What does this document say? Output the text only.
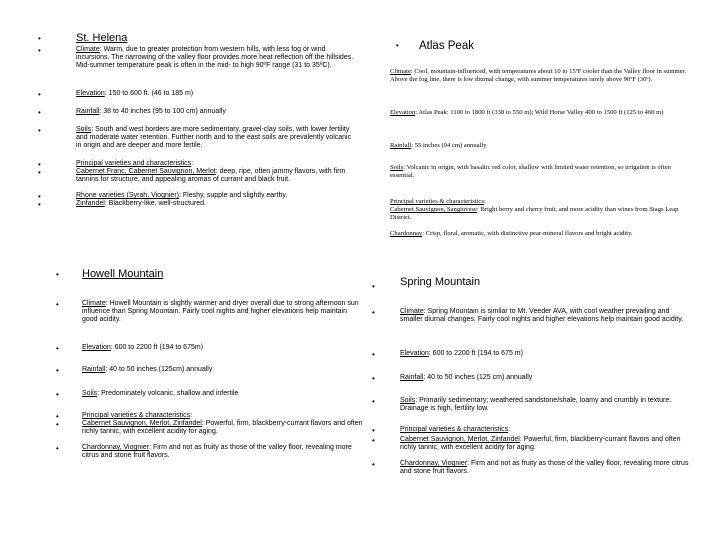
•	St. Helena
•	Climate: Warm, due to greater protection from western hills, with less fog or wind incursions. The narrowing of the valley floor provides more heat reflection off the hillsides. Mid-summer temperature peak is often in the mid- to high 90ºF range (31 to 35ºC).
•	Elevation: 150 to 600 ft. (46 to 185 m)
•	Rainfall: 38 to 40 inches (95 to 100 cm) annually
•	Soils: South and west borders are more sedimentary, gravel-clay soils, with lower fertility and moderate water retention. Further north and to the east soils are prevalently volcanic in origin and are deeper and more fertile.
•	Principal varieties and characteristics:
•	Cabernet Franc, Cabernet Sauvignon, Merlot: deep, ripe, often jammy flavors, with firm tannins for structure, and appealing aromas of currant and black fruit.
•	Rhone varieties (Syrah, Viognier): Fleshy, supple and slightly earthy.
•	Zinfandel: Blackberry-like, well-structured.
• Atlas Peak
Climate: Cool, mountain-influenced, with temperatures about 10 to 15ºF cooler than the Valley floor in summer. Above the fog line, there is low diurnal change, with summer temperatures rarely above 90ºF (30º).
Elevation: Atlas Peak: 1100 to 1800 ft (338 to 550 m); Wild Horse Valley 400 to 1500 ft (125 to 460 m)
Rainfall: 55 inches (94 cm) annually
Soils: Volcanic in origin, with basaltic red color, shallow with limited water retention, so irrigation is often essential.
Principal varieties & characteristics:
Cabernet Sauvignon, Sangiovese: Bright berry and cherry fruit, and more acidity than wines from Stags Leap District.
Chardonnay: Crisp, floral, aromatic, with distinctive pear-mineral flavors and bright acidity.
• Howell Mountain
•	Climate: Howell Mountain is slightly warmer and dryer overall due to strong afternoon sun influence than Spring Mountain. Fairly cool nights and higher elevations help maintain good acidity.
•	Elevation: 600 to 2200 ft (194 to 675m)
•	Rainfall: 40 to 50 inches (125cm) annually
•	Soils: Predominately volcanic, shallow and infertile
•	Principal varieties & characteristics:
•	Cabernet Sauvignon, Merlot, Zinfandel: Powerful, firm, blackberry-currant flavors and often richly tannic, with excellent acidity for aging.
•	Chardonnay, Viognier: Firm and not as fruity as those of the valley floor, revealing more citrus and stone fruit flavors.
• Spring Mountain
•	Climate: Spring Mountain is similar to Mt. Veeder AVA, with cool weather prevailing and smaller diurnal changes. Fairly cool nights and higher elevations help maintain good acidity.
•	Elevation: 600 to 2200 ft (194 to 675 m)
•	Rainfall: 40 to 50 inches (125 cm) annually
•	Soils: Primarily sedimentary; weathered sandstone/shale, loamy and crumbly in texture. Drainage is high, fertility low.
•	Principal varieties & characteristics:
•	Cabernet Sauvignon, Merlot, Zinfandel: Powerful, firm, blackberry-currant flavors and often richly tannic, with excellent acidity for aging.
•	Chardonnay, Viognier: Firm and not as fruity as those of the valley floor, revealing more citrus and stone fruit flavors.
